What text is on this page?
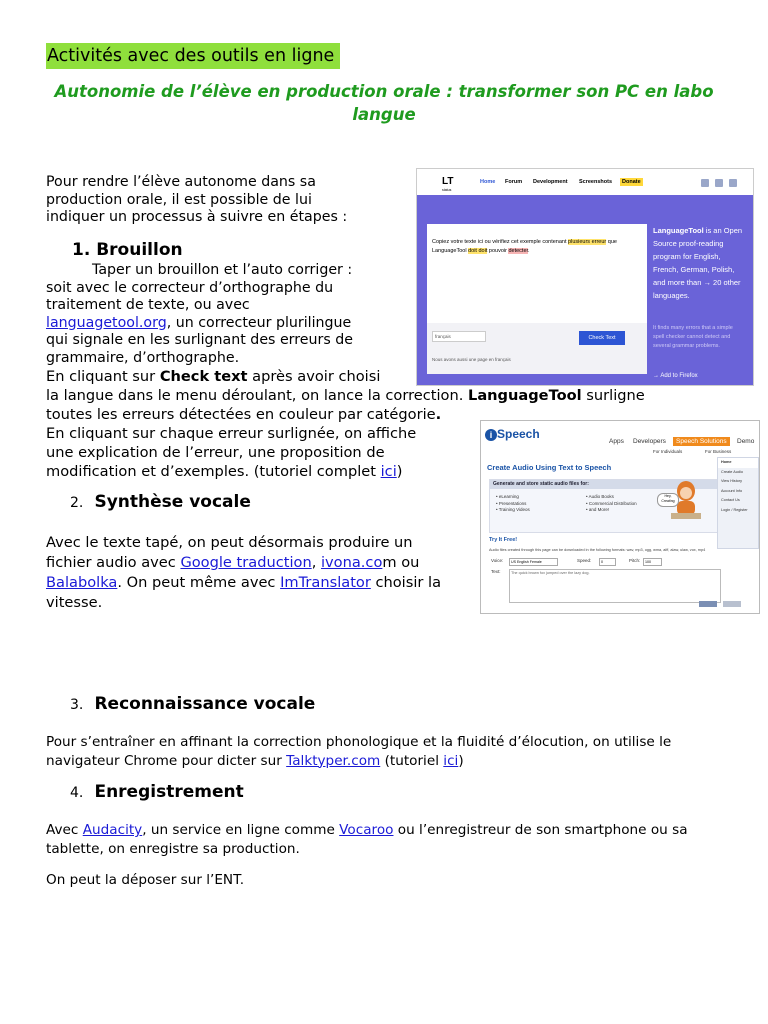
Activités avec des outils en ligne
Autonomie de l’élève en production orale : transformer son PC en labo langue
Pour rendre l’élève autonome dans sa
production orale, il est possible de lui
indiquer un processus à suivre en étapes :
1. Brouillon
Taper un brouillon et l’auto corriger :
soit avec le correcteur d’orthographe du
traitement de texte, ou avec
languagetool.org, un correcteur plurilingue
qui signale en les surlignant des erreurs de
grammaire, d’orthographe.
En cliquant sur Check text après avoir choisi
la langue dans le menu déroulant, on lance la correction. LanguageTool surligne
toutes les erreurs détectées en couleur par catégorie.
En cliquant sur chaque erreur surlignée, on affiche
une explication de l’erreur, une proposition de
modification et d’exemples. (tutoriel complet ici)
2. Synthèse vocale
Avec le texte tapé, on peut désormais produire un
fichier audio avec Google traduction, ivona.com ou
Balabolka. On peut même avec ImTranslator choisir la
vitesse.
3. Reconnaissance vocale
Pour s’entraîner en affinant la correction phonologique et la fluidité d’élocution, on utilise le
navigateur Chrome pour dicter sur Talktyper.com (tutoriel ici)
4. Enregistrement
Avec Audacity, un service en ligne comme Vocaroo ou l’enregistreur de son smartphone ou sa
tablette, on enregistre sa production.
On peut la déposer sur l’ENT.
LT
status
Home Forum Development Screenshots	Donate
Copiez votre texte ici ou vérifiez cet exemple contenant plusieurs erreur que LanguageTool doit doit pouvoir detecter.
français	Check Text
Nous avons aussi une page en français
LanguageTool is an Open Source proof-reading program for English, French, German, Polish, and more than → 20 other languages.
It finds many errors that a simple spell checker cannot detect and several grammar problems.
→ Add to Firefox
i Speech
Apps Developers	Speech Solutions	Demo
For Individuals	For Business
Create Audio Using Text to Speech
Generate and store static audio files for:
• eLearning
• Presentations
• Training Videos
• Audio Books
• Commercial Distribution
• and More!
Hey, Creating
Home
Create Audio
View History
Account Info
Contact Us
Login / Register
Try It Free!
Audio files created through this page can be downloaded in the following formats: wav, mp3, ogg, wma, aiff, alaw, ulaw, vox, mp4
Voice:	US English Female	Speed:	0	Pitch:	100
Text:	The quick brown fox jumped over the lazy dog.
